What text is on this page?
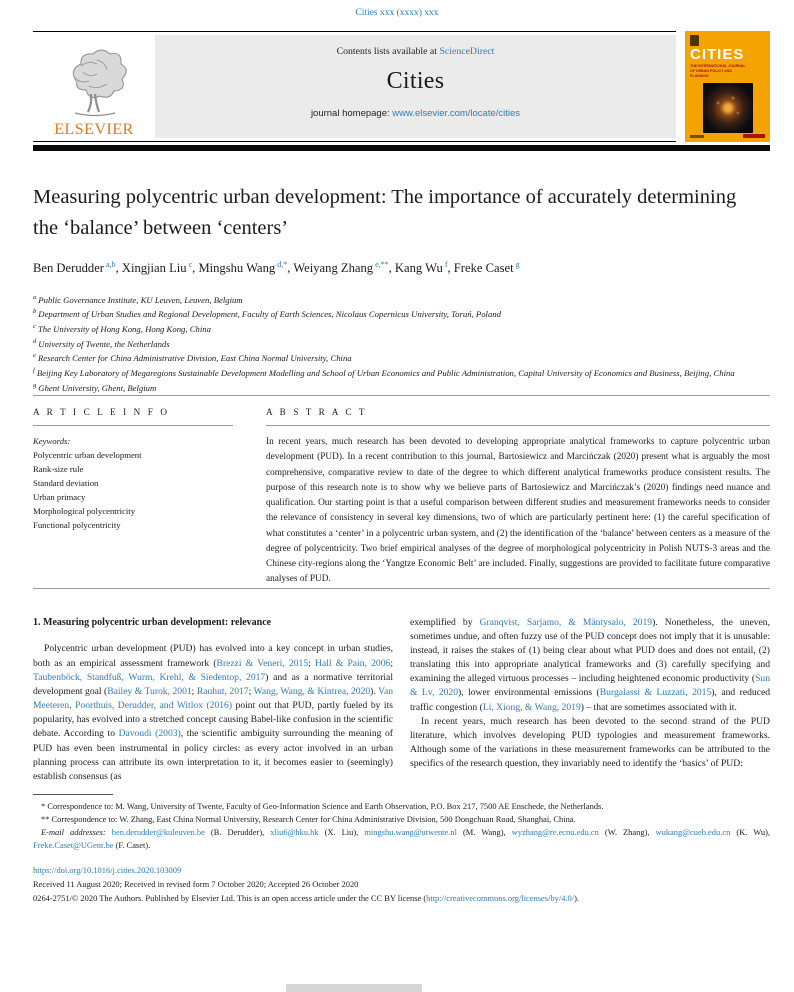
Cities xxx (xxxx) xxx
ELSEVIER
Contents lists available at ScienceDirect
Cities
journal homepage: www.elsevier.com/locate/cities
CITIES
THE INTERNATIONAL JOURNAL OF URBAN POLICY AND PLANNING
Measuring polycentric urban development: The importance of accurately determining the ‘balance’ between ‘centers’
Ben Derudder $^{a,b}$, Xingjian Liu $^c$, Mingshu Wang $^{d,*}$, Weiyang Zhang $^{e,**}$, Kang Wu $^f$, Freke Caset $^g$
$^a$ Public Governance Institute, KU Leuven, Leuven, Belgium
$^b$ Department of Urban Studies and Regional Development, Faculty of Earth Sciences, Nicolaus Copernicus University, Toruń, Poland
$^c$ The University of Hong Kong, Hong Kong, China
$^d$ University of Twente, the Netherlands
$^e$ Research Center for China Administrative Division, East China Normal University, China
$^f$ Beijing Key Laboratory of Megaregions Sustainable Development Modelling and School of Urban Economics and Public Administration, Capital University of Economics and Business, Beijing, China
$^g$ Ghent University, Ghent, Belgium
A R T I C L E I N F O
Keywords:
Polycentric urban development
Rank-size rule
Standard deviation
Urban primacy
Morphological polycentricity
Functional polycentricity
A B S T R A C T
In recent years, much research has been devoted to developing appropriate analytical frameworks to capture polycentric urban development (PUD). In a recent contribution to this journal, Bartosiewicz and Marcińczak (2020) present what is arguably the most comprehensive, comparative review to date of the degree to which different analytical frameworks produce consistent results. The purpose of this research note is to show why we believe parts of Bartosiewicz and Marcińczak’s (2020) findings need nuance and qualification. Our starting point is that a useful comparison between different studies and measurement frameworks needs to consider the relevance of consistency in several key dimensions, two of which are particularly pertinent here: (1) the careful specification of what constitutes a ‘center’ in a polycentric urban system, and (2) the identification of the ‘balance’ between centers as a measure of the degree of polycentricity. Two brief empirical analyses of the degree of morphological polycentricity in Polish NUTS-3 areas and the Chinese city-regions along the ‘Yangtze Economic Belt’ are included. Finally, suggestions are provided to facilitate future comparative analyses of PUD.
1. Measuring polycentric urban development: relevance

Polycentric urban development (PUD) has evolved into a key concept in urban studies, both as an empirical assessment framework (Brezzi & Veneri, 2015; Hall & Pain, 2006; Taubenböck, Standfuß, Wurm, Krehl, & Siedentop, 2017) and as a normative territorial development goal (Bailey & Turok, 2001; Rauhut, 2017; Wang, Wang, & Kintrea, 2020). Van Meeteren, Poorthuis, Derudder, and Witlox (2016) point out that PUD, partly fueled by its popularity, has evolved into a stretched concept causing Babel-like confusion in the scientific debate. According to Davoudi (2003), the scientific ambiguity surrounding the meaning of PUD has even been instrumental in policy circles: as every actor involved in an urban planning process can attribute its own interpretation to it, it becomes easier to (seemingly) establish consensus (as

exemplified by Granqvist, Sarjamo, & Mäntysalo, 2019). Nonetheless, the uneven, sometimes undue, and often fuzzy use of the PUD concept does not imply that it is unusable: instead, it raises the stakes of (1) being clear about what PUD does and does not entail, (2) translating this into appropriate analytical frameworks and (3) carefully specifying and examining the alleged virtuous processes – including heightened economic productivity (Sun & Lv, 2020), lower environmental emissions (Burgalassi & Luzzati, 2015), and reduced traffic congestion (Li, Xiong, & Wang, 2019) – that are sometimes associated with it.

In recent years, much research has been devoted to the second strand of the PUD literature, which involves developing PUD typologies and measurement frameworks. Although some of the variations in these measurement frameworks can be attributed to the specifics of the research question, they invariably need to identify the ‘basics’ of PUD:

* Correspondence to: M. Wang, University of Twente, Faculty of Geo-Information Science and Earth Observation, P.O. Box 217, 7500 AE Enschede, the Netherlands.

** Correspondence to: W. Zhang, East China Normal University, Research Center for China Administrative Division, 500 Dongchuan Road, Shanghai, China.

E-mail addresses: ben.derudder@kuleuven.be (B. Derudder), xliu6@hku.hk (X. Liu), mingshu.wang@utwente.nl (M. Wang), wyzhang@re.ecnu.edu.cn (W. Zhang), wukang@cueb.edu.cn (K. Wu), Freke.Caset@UGent.be (F. Caset).

https://doi.org/10.1016/j.cities.2020.103009
Received 11 August 2020; Received in revised form 7 October 2020; Accepted 26 October 2020
0264-2751/© 2020 The Authors. Published by Elsevier Ltd. This is an open access article under the CC BY license (http://creativecommons.org/licenses/by/4.0/).
